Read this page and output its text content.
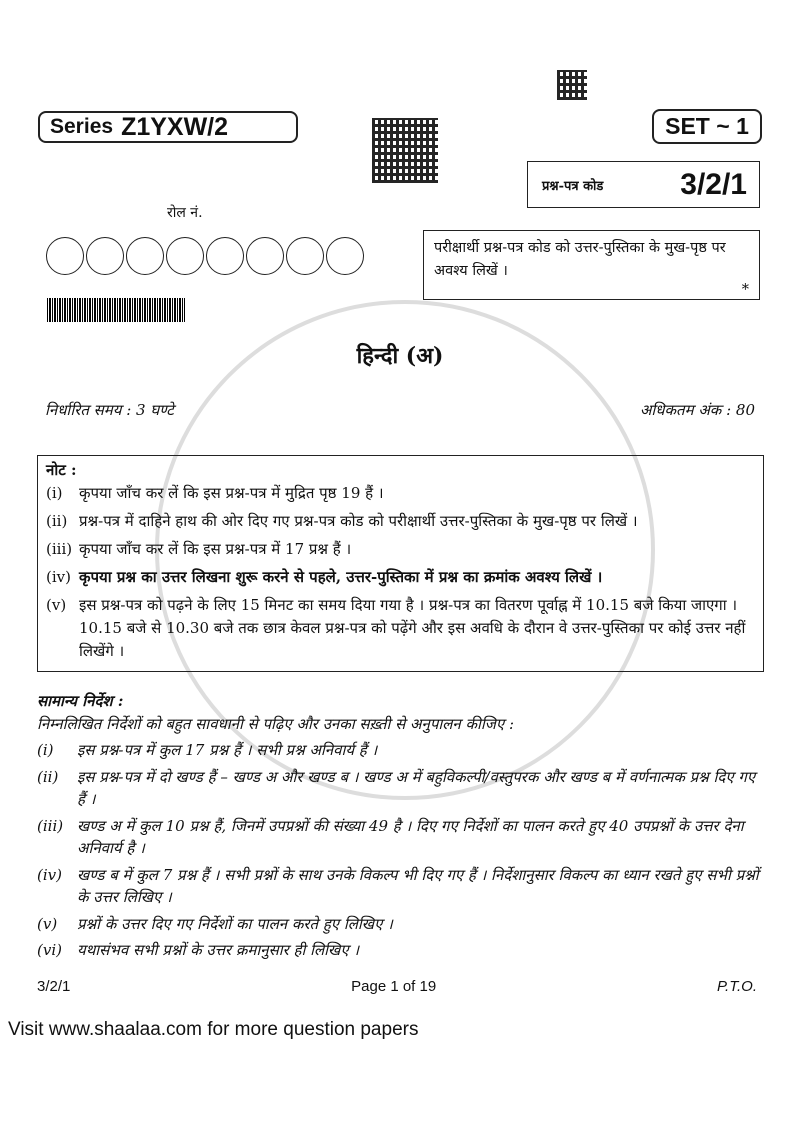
Series Z1YXW/2	SET ~ 1
प्रश्न-पत्र कोड	3/2/1
रोल नं.
परीक्षार्थी प्रश्न-पत्र कोड को उत्तर-पुस्तिका के मुख-पृष्ठ पर अवश्य लिखें ।
*
हिन्दी (अ)
निर्धारित समय : 3 घण्टे	अधिकतम अंक : 80
नोट :
(i)	कृपया जाँच कर लें कि इस प्रश्न-पत्र में मुद्रित पृष्ठ 19 हैं ।
(ii) प्रश्न-पत्र में दाहिने हाथ की ओर दिए गए प्रश्न-पत्र कोड को परीक्षार्थी उत्तर-पुस्तिका के मुख-पृष्ठ पर लिखें ।
(iii) कृपया जाँच कर लें कि इस प्रश्न-पत्र में 17 प्रश्न हैं ।
(iv) कृपया प्रश्न का उत्तर लिखना शुरू करने से पहले, उत्तर-पुस्तिका में प्रश्न का क्रमांक अवश्य लिखें ।
(v) इस प्रश्न-पत्र को पढ़ने के लिए 15 मिनट का समय दिया गया है । प्रश्न-पत्र का वितरण पूर्वाह्न में 10.15 बजे किया जाएगा । 10.15 बजे से 10.30 बजे तक छात्र केवल प्रश्न-पत्र को पढ़ेंगे और इस अवधि के दौरान वे उत्तर-पुस्तिका पर कोई उत्तर नहीं लिखेंगे ।
सामान्य निर्देश :
निम्नलिखित निर्देशों को बहुत सावधानी से पढ़िए और उनका सख़्ती से अनुपालन कीजिए :
(i)	इस प्रश्न-पत्र में कुल 17 प्रश्न हैं । सभी प्रश्न अनिवार्य हैं ।
(ii)	इस प्रश्न-पत्र में दो खण्ड हैं – खण्ड अ और खण्ड ब । खण्ड अ में बहुविकल्पी/वस्तुपरक और खण्ड ब में वर्णनात्मक प्रश्न दिए गए हैं ।
(iii) खण्ड अ में कुल 10 प्रश्न हैं, जिनमें उपप्रश्नों की संख्या 49 है । दिए गए निर्देशों का पालन करते हुए 40 उपप्रश्नों के उत्तर देना अनिवार्य है ।
(iv)	खण्ड ब में कुल 7 प्रश्न हैं । सभी प्रश्नों के साथ उनके विकल्प भी दिए गए हैं । निर्देशानुसार विकल्प का ध्यान रखते हुए सभी प्रश्नों के उत्तर लिखिए ।
(v)	प्रश्नों के उत्तर दिए गए निर्देशों का पालन करते हुए लिखिए ।
(vi)	यथासंभव सभी प्रश्नों के उत्तर क्रमानुसार ही लिखिए ।
3/2/1	Page 1 of 19	P.T.O.
Visit www.shaalaa.com for more question papers
